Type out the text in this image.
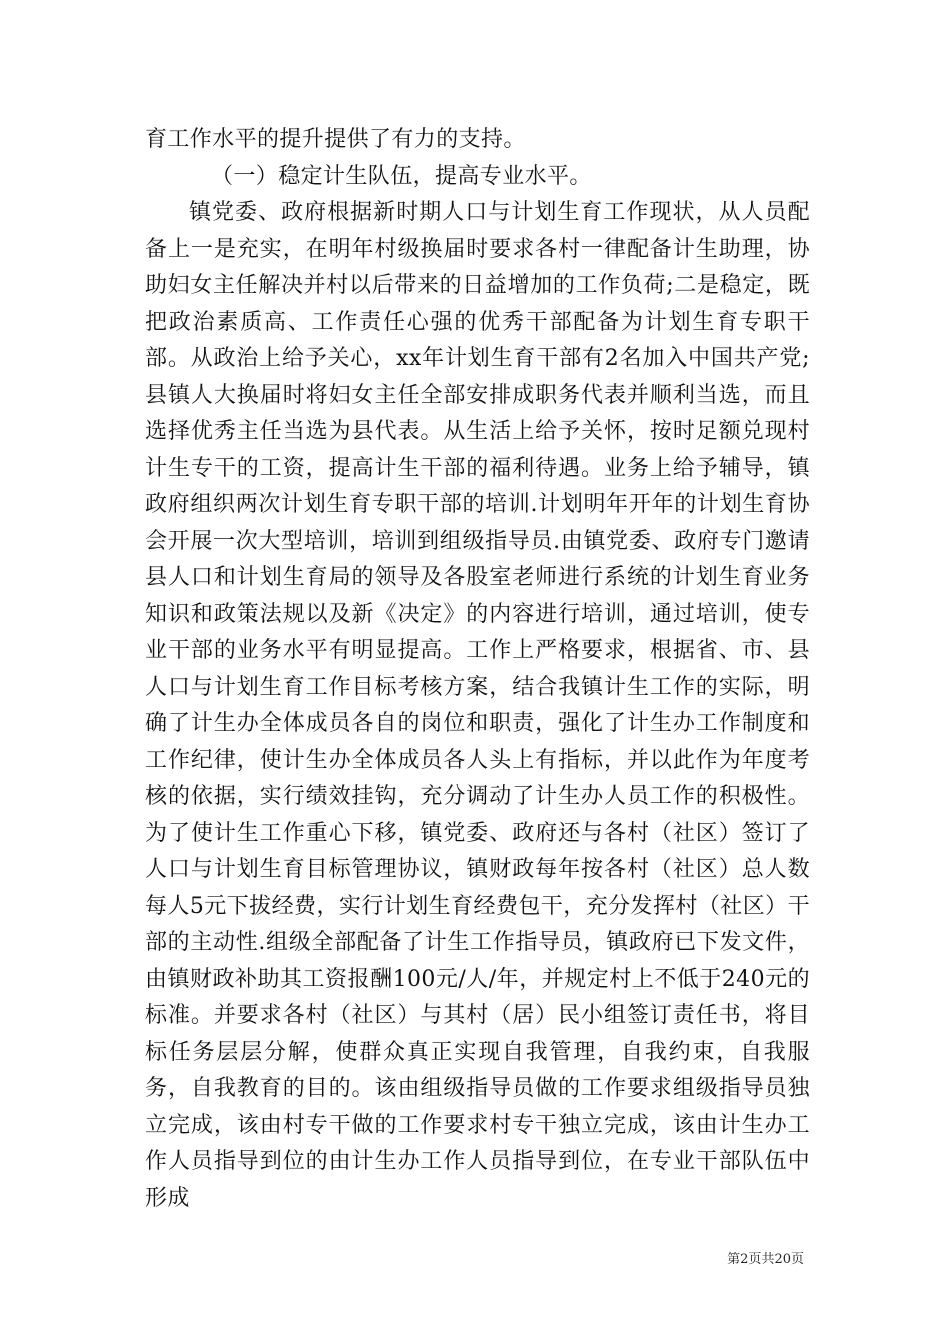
育工作水平的提升提供了有力的支持。

（一）稳定计生队伍，提高专业水平。

镇党委、政府根据新时期人口与计划生育工作现状，从人员配备上一是充实，在明年村级换届时要求各村一律配备计生助理，协助妇女主任解决并村以后带来的日益增加的工作负荷;二是稳定，既把政治素质高、工作责任心强的优秀干部配备为计划生育专职干部。从政治上给予关心，xx年计划生育干部有2名加入中国共产党;县镇人大换届时将妇女主任全部安排成职务代表并顺利当选，而且选择优秀主任当选为县代表。从生活上给予关怀，按时足额兑现村计生专干的工资，提高计生干部的福利待遇。业务上给予辅导，镇政府组织两次计划生育专职干部的培训.计划明年开年的计划生育协会开展一次大型培训，培训到组级指导员.由镇党委、政府专门邀请县人口和计划生育局的领导及各股室老师进行系统的计划生育业务知识和政策法规以及新《决定》的内容进行培训，通过培训，使专业干部的业务水平有明显提高。工作上严格要求，根据省、市、县人口与计划生育工作目标考核方案，结合我镇计生工作的实际，明确了计生办全体成员各自的岗位和职责，强化了计生办工作制度和工作纪律，使计生办全体成员各人头上有指标，并以此作为年度考核的依据，实行绩效挂钩，充分调动了计生办人员工作的积极性。为了使计生工作重心下移，镇党委、政府还与各村（社区）签订了人口与计划生育目标管理协议，镇财政每年按各村（社区）总人数每人5元下拔经费，实行计划生育经费包干，充分发挥村（社区）干部的主动性.组级全部配备了计生工作指导员，镇政府已下发文件，由镇财政补助其工资报酬100元/人/年，并规定村上不低于240元的标准。并要求各村（社区）与其村（居）民小组签订责任书，将目标任务层层分解，使群众真正实现自我管理，自我约束，自我服务，自我教育的目的。该由组级指导员做的工作要求组级指导员独立完成，该由村专干做的工作要求村专干独立完成，该由计生办工作人员指导到位的由计生办工作人员指导到位，在专业干部队伍中形成

第2页共20页
